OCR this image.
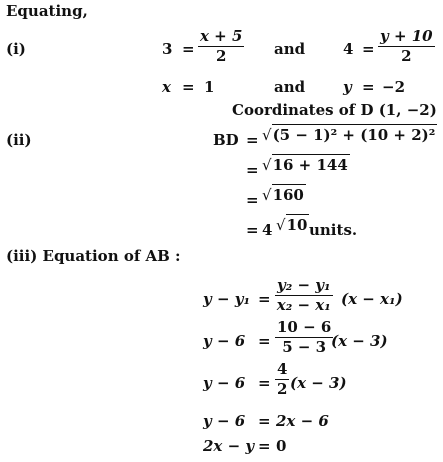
Equating,
(i)	$3 = \frac{x + 5}{2}$ and	$4 = \frac{y + 10}{2}$
x = 1	and	y = −2
Coordinates of D (1, −2)
(ii)	BD = √(5 − 1)² + (10 + 2)²
= √16 + 144
= √160
= 4 √10 units.
(iii) Equation of AB :
$y - y_1 = \frac{\text{y₂ − y₁}}{\text{x₂ − x₁}} (x - x_1)$
$y - 6 = \frac{10 - 6}{5 - 3}$
(x − 3)
$y - 6 = \frac{4}{2} (x - 3)$
y − 6 = 2x − 6
2x − y = 0
